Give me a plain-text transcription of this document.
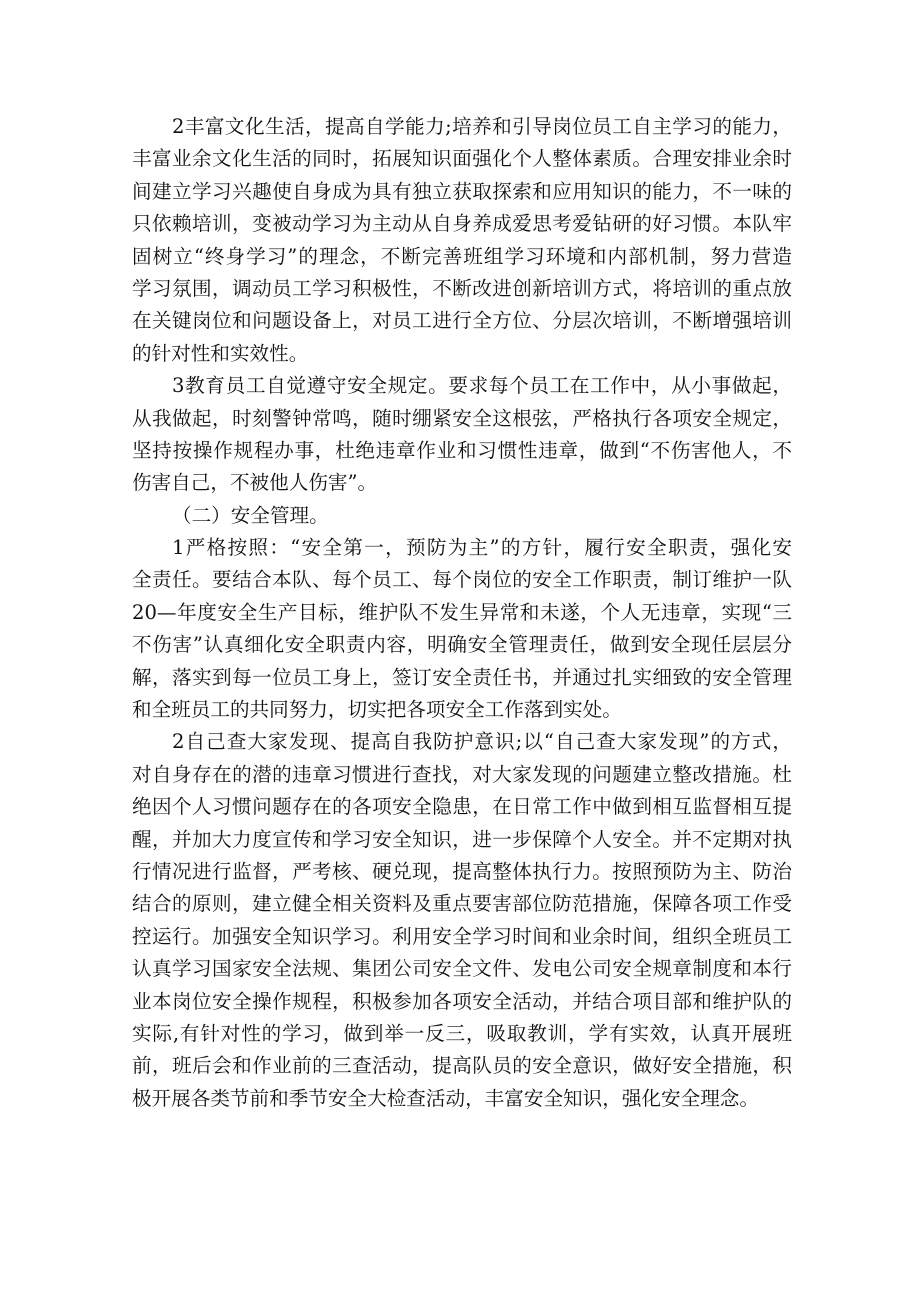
2丰富文化生活，提高自学能力;培养和引导岗位员工自主学习的能力，
丰富业余文化生活的同时，拓展知识面强化个人整体素质。合理安排业余时
间建立学习兴趣使自身成为具有独立获取探索和应用知识的能力，不一味的
只依赖培训，变被动学习为主动从自身养成爱思考爱钻研的好习惯。本队牢
固树立“终身学习”的理念，不断完善班组学习环境和内部机制，努力营造
学习氛围，调动员工学习积极性，不断改进创新培训方式，将培训的重点放
在关键岗位和问题设备上，对员工进行全方位、分层次培训，不断增强培训
的针对性和实效性。
3教育员工自觉遵守安全规定。要求每个员工在工作中，从小事做起，
从我做起，时刻警钟常鸣，随时绷紧安全这根弦，严格执行各项安全规定，
坚持按操作规程办事，杜绝违章作业和习惯性违章，做到“不伤害他人，不
伤害自己，不被他人伤害”。
（二）安全管理。
1严格按照：“安全第一，预防为主”的方针，履行安全职责，强化安
全责任。要结合本队、每个员工、每个岗位的安全工作职责，制订维护一队
20—年度安全生产目标，维护队不发生异常和未遂，个人无违章，实现“三
不伤害”认真细化安全职责内容，明确安全管理责任，做到安全现任层层分
解，落实到每一位员工身上，签订安全责任书，并通过扎实细致的安全管理
和全班员工的共同努力，切实把各项安全工作落到实处。
2自己查大家发现、提高自我防护意识;以“自己查大家发现”的方式，
对自身存在的潜的违章习惯进行查找，对大家发现的问题建立整改措施。杜
绝因个人习惯问题存在的各项安全隐患，在日常工作中做到相互监督相互提
醒，并加大力度宣传和学习安全知识，进一步保障个人安全。并不定期对执
行情况进行监督，严考核、硬兑现，提高整体执行力。按照预防为主、防治
结合的原则，建立健全相关资料及重点要害部位防范措施，保障各项工作受
控运行。加强安全知识学习。利用安全学习时间和业余时间，组织全班员工
认真学习国家安全法规、集团公司安全文件、发电公司安全规章制度和本行
业本岗位安全操作规程，积极参加各项安全活动，并结合项目部和维护队的
实际,有针对性的学习，做到举一反三，吸取教训，学有实效，认真开展班
前，班后会和作业前的三查活动，提高队员的安全意识，做好安全措施，积
极开展各类节前和季节安全大检查活动，丰富安全知识，强化安全理念。
